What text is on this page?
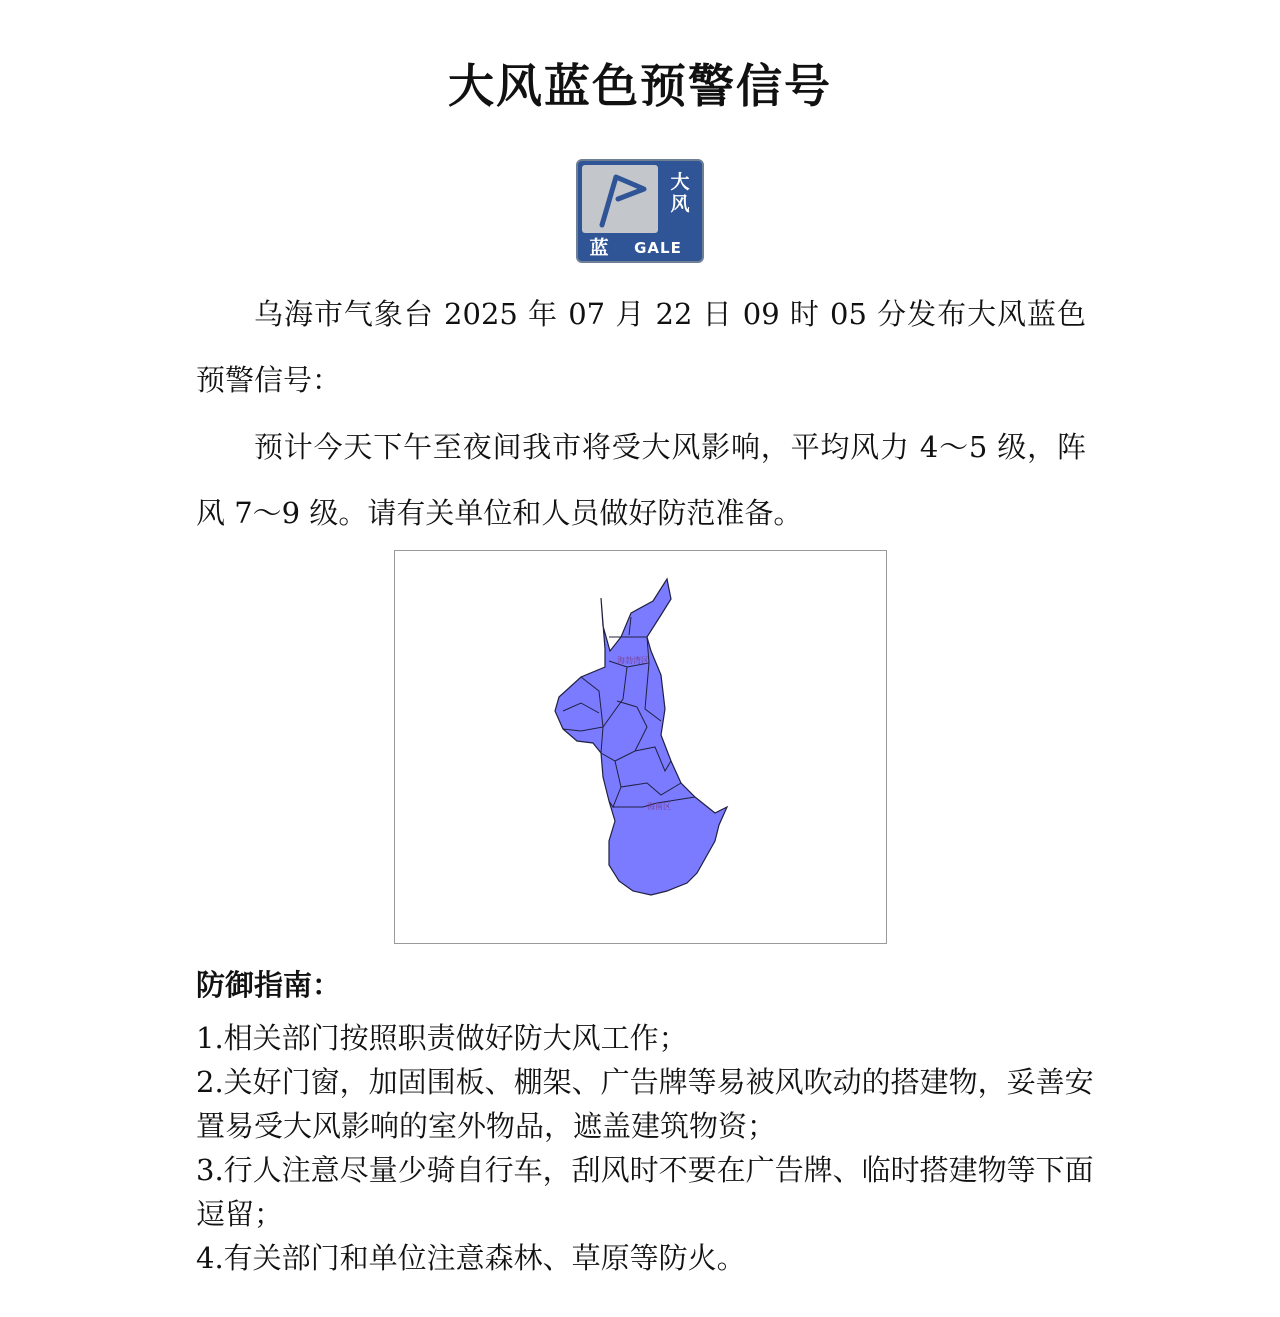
大风蓝色预警信号
大
风
蓝	GALE

乌海市气象台 2025 年 07 月 22 日 09 时 05 分发布大风蓝色预警信号：

预计今天下午至夜间我市将受大风影响，平均风力 4～5 级，阵风 7～9 级。请有关单位和人员做好防范准备。

海勃湾区
海南区
防御指南：
1.相关部门按照职责做好防大风工作；
2.关好门窗，加固围板、棚架、广告牌等易被风吹动的搭建物，妥善安置易受大风影响的室外物品，遮盖建筑物资；
3.行人注意尽量少骑自行车，刮风时不要在广告牌、临时搭建物等下面逗留；
4.有关部门和单位注意森林、草原等防火。
